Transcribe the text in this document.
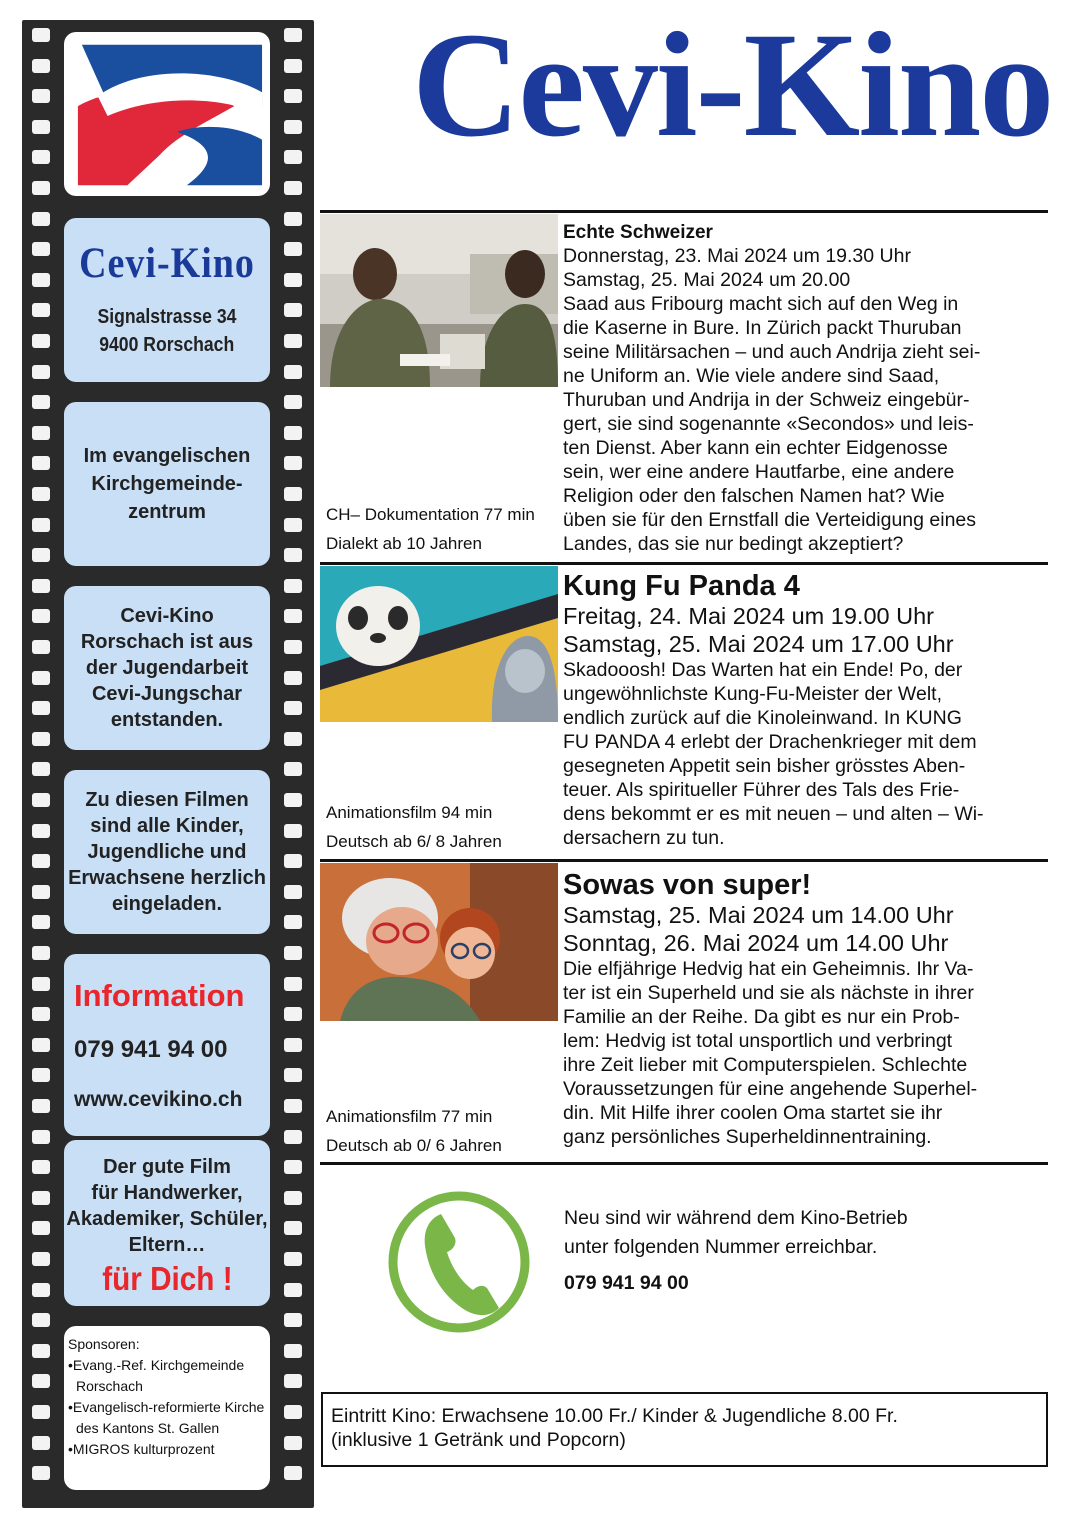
Cevi-Kino
Signalstrasse 34
9400 Rorschach
Im evangelischen
Kirchgemeinde-
zentrum
Cevi-Kino
Rorschach ist aus
der Jugendarbeit
Cevi-Jungschar
entstanden.
Zu diesen Filmen
sind alle Kinder,
Jugendliche und
Erwachsene herzlich
eingeladen.
Information
079 941 94 00
www.cevikino.ch
Der gute Film
für Handwerker,
Akademiker, Schüler,
Eltern…
für Dich !
Sponsoren:
•Evang.-Ref. Kirchgemeinde
Rorschach
•Evangelisch-reformierte Kirche
des Kantons St. Gallen
•MIGROS kulturprozent
Cevi-Kino
CH– Dokumentation 77 min
Dialekt ab 10 Jahren
Echte Schweizer
Donnerstag, 23. Mai 2024 um 19.30 Uhr
Samstag, 25. Mai 2024 um 20.00
Saad aus Fribourg macht sich auf den Weg in
die Kaserne in Bure. In Zürich packt Thuruban
seine Militärsachen – und auch Andrija zieht sei-
ne Uniform an. Wie viele andere sind Saad,
Thuruban und Andrija in der Schweiz eingebür-
gert, sie sind sogenannte «Secondos» und leis-
ten Dienst. Aber kann ein echter Eidgenosse
sein, wer eine andere Hautfarbe, eine andere
Religion oder den falschen Namen hat? Wie
üben sie für den Ernstfall die Verteidigung eines
Landes, das sie nur bedingt akzeptiert?
Animationsfilm 94 min
Deutsch ab 6/ 8 Jahren
Kung Fu Panda 4
Freitag, 24. Mai 2024 um 19.00 Uhr
Samstag, 25. Mai 2024 um 17.00 Uhr
Skadooosh! Das Warten hat ein Ende! Po, der
ungewöhnlichste Kung-Fu-Meister der Welt,
endlich zurück auf die Kinoleinwand. In KUNG
FU PANDA 4 erlebt der Drachenkrieger mit dem
gesegneten Appetit sein bisher grösstes Aben-
teuer. Als spiritueller Führer des Tals des Frie-
dens bekommt er es mit neuen – und alten – Wi-
dersachern zu tun.
Animationsfilm 77 min
Deutsch ab 0/ 6 Jahren
Sowas von super!
Samstag, 25. Mai 2024 um 14.00 Uhr
Sonntag, 26. Mai 2024 um 14.00 Uhr
Die elfjährige Hedvig hat ein Geheimnis. Ihr Va-
ter ist ein Superheld und sie als nächste in ihrer
Familie an der Reihe. Da gibt es nur ein Prob-
lem: Hedvig ist total unsportlich und verbringt
ihre Zeit lieber mit Computerspielen. Schlechte
Voraussetzungen für eine angehende Superhel-
din. Mit Hilfe ihrer coolen Oma startet sie ihr
ganz persönliches Superheldinnentraining.
Neu sind wir während dem Kino-Betrieb
unter folgenden Nummer erreichbar.
079 941 94 00
Eintritt Kino: Erwachsene 10.00 Fr./ Kinder & Jugendliche 8.00 Fr.
(inklusive 1 Getränk und Popcorn)
